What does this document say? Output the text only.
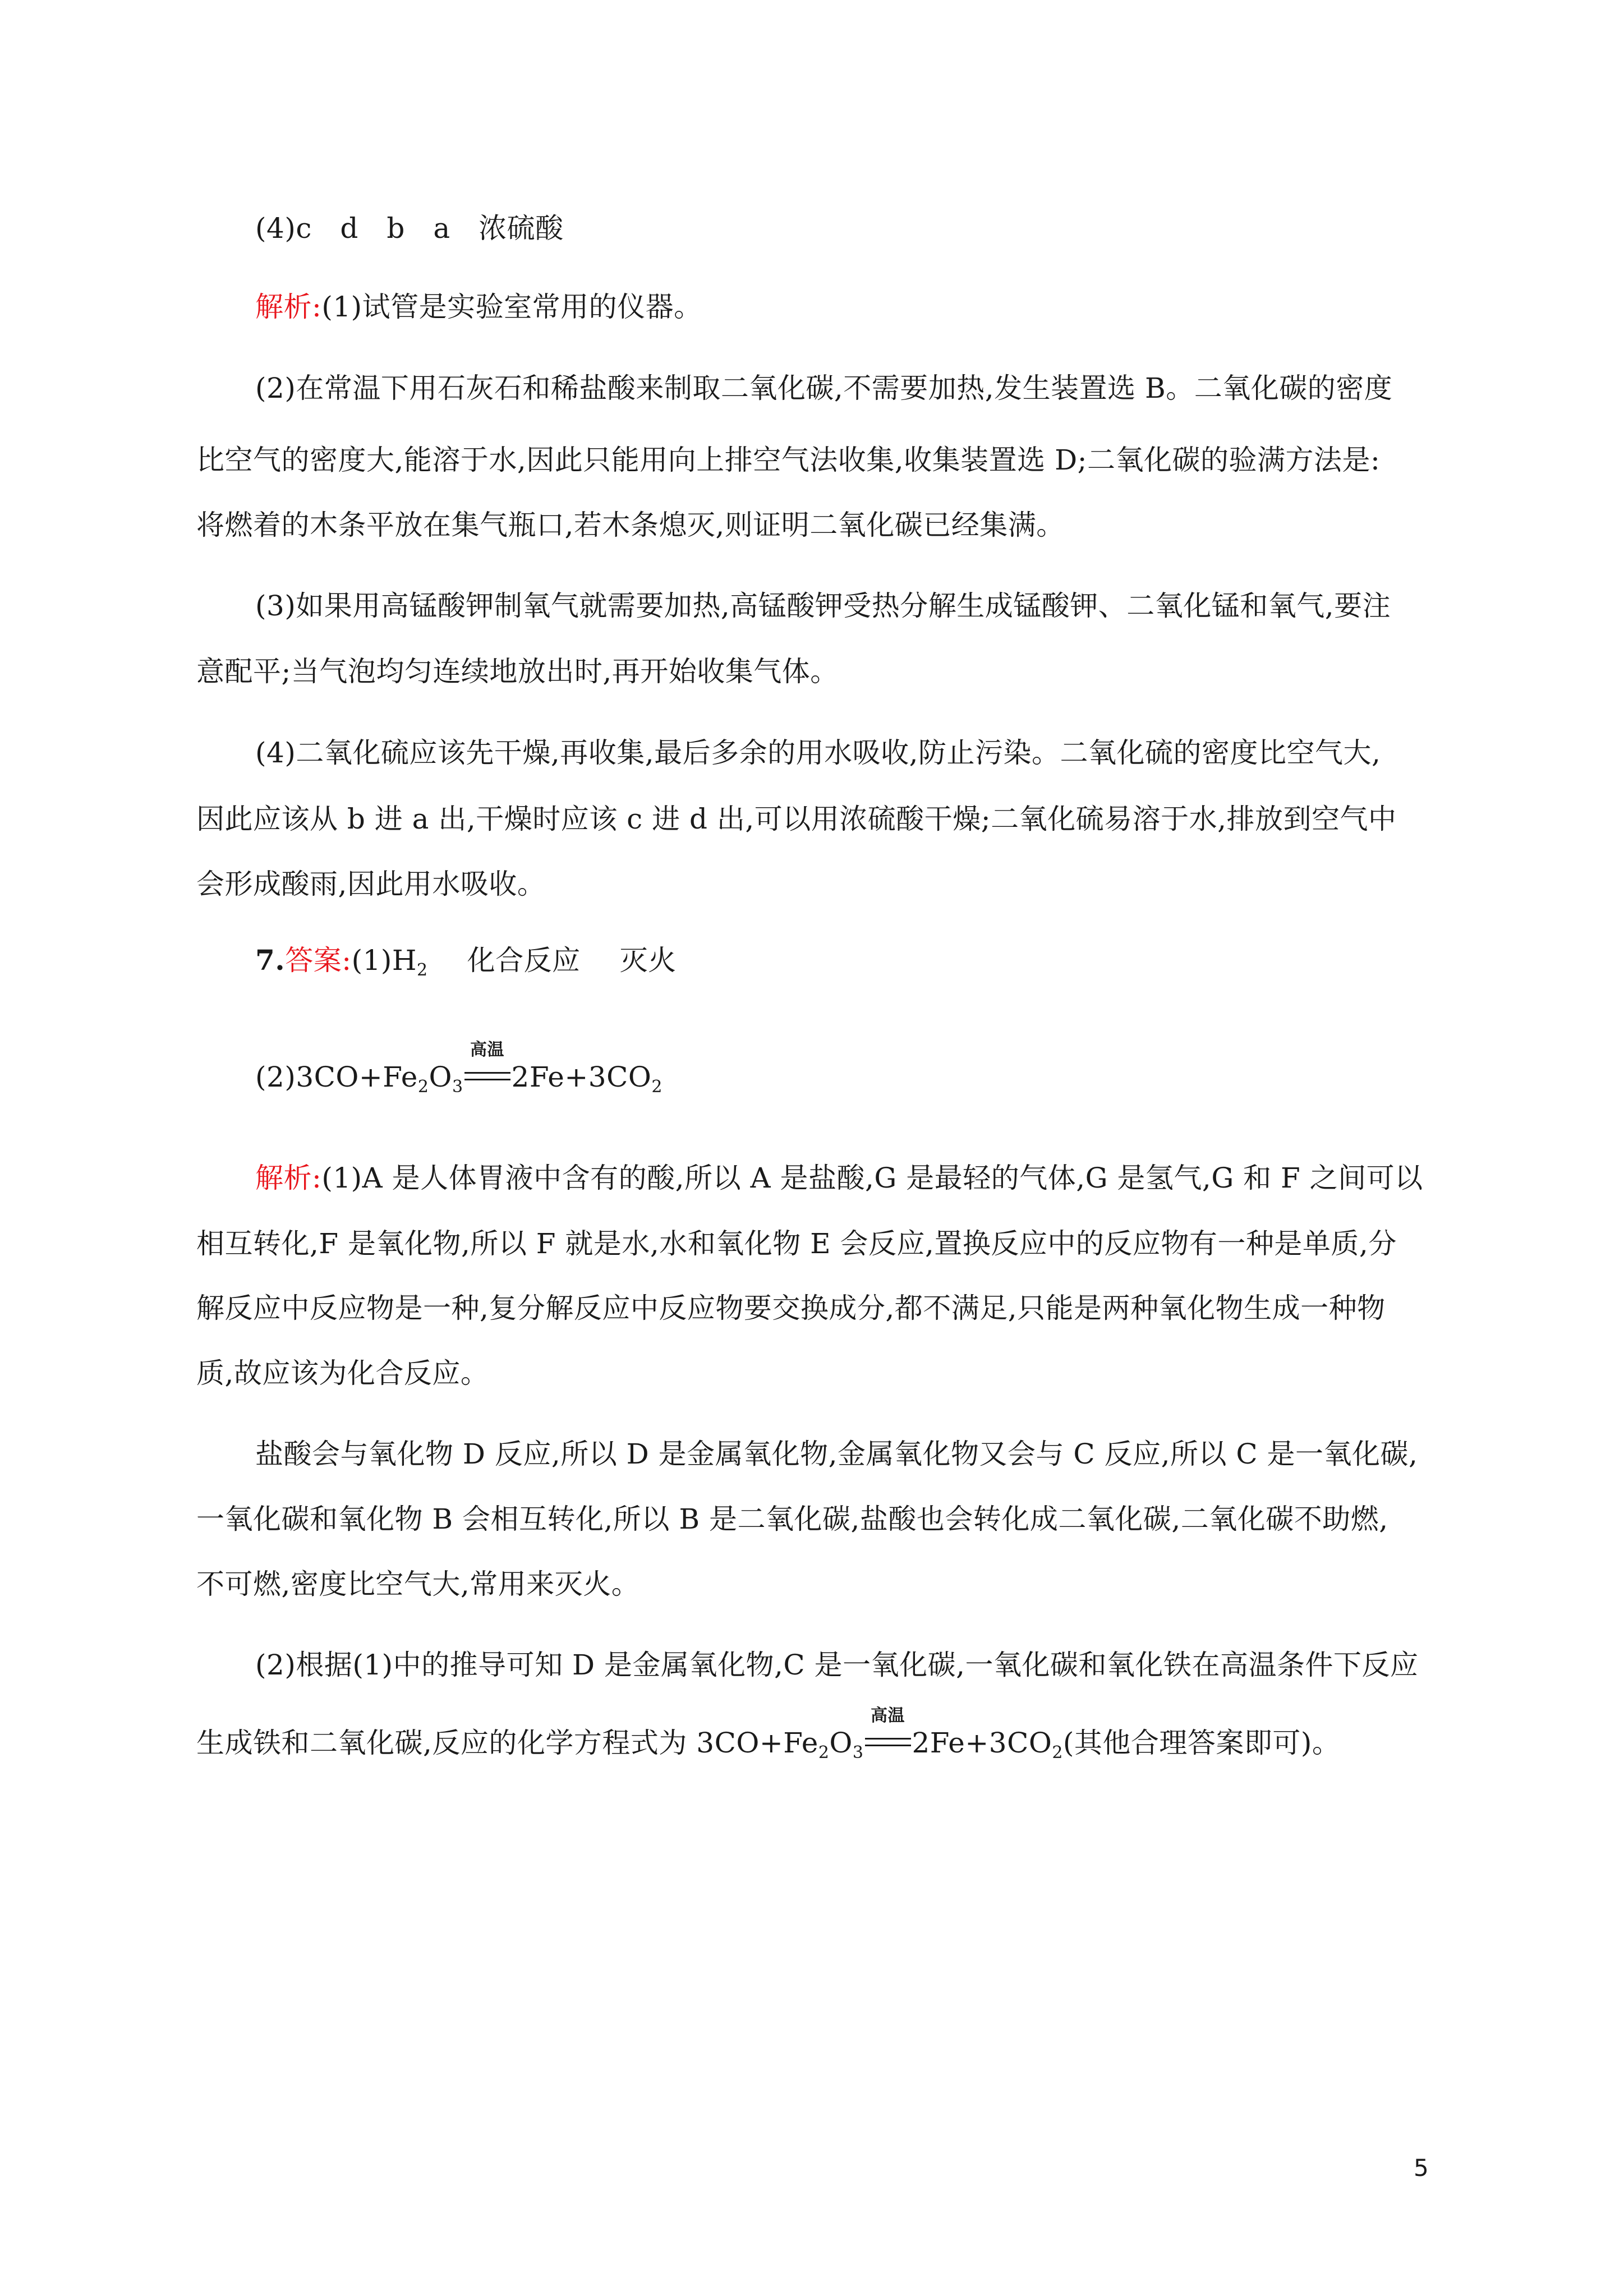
(4)c　d　b　a　浓硫酸
解析:(1)试管是实验室常用的仪器。
(2)在常温下用石灰石和稀盐酸来制取二氧化碳,不需要加热,发生装置选 B。二氧化碳的密度
比空气的密度大,能溶于水,因此只能用向上排空气法收集,收集装置选 D;二氧化碳的验满方法是:
将燃着的木条平放在集气瓶口,若木条熄灭,则证明二氧化碳已经集满。
(3)如果用高锰酸钾制氧气就需要加热,高锰酸钾受热分解生成锰酸钾、二氧化锰和氧气,要注
意配平;当气泡均匀连续地放出时,再开始收集气体。
(4)二氧化硫应该先干燥,再收集,最后多余的用水吸收,防止污染。二氧化硫的密度比空气大,
因此应该从 b 进 a 出,干燥时应该 c 进 d 出,可以用浓硫酸干燥;二氧化硫易溶于水,排放到空气中
会形成酸雨,因此用水吸收。
7.答案$:(1)H_2$ 化合反应 灭火
$(2)3CO+Fe_2O_3$
高温
$2Fe+3CO_2$
解析:(1)A 是人体胃液中含有的酸,所以 A 是盐酸,G 是最轻的气体,G 是氢气,G 和 F 之间可以
相互转化,F 是氧化物,所以 F 就是水,水和氧化物 E 会反应,置换反应中的反应物有一种是单质,分
解反应中反应物是一种,复分解反应中反应物要交换成分,都不满足,只能是两种氧化物生成一种物
质,故应该为化合反应。
盐酸会与氧化物 D 反应,所以 D 是金属氧化物,金属氧化物又会与 C 反应,所以 C 是一氧化碳,
一氧化碳和氧化物 B 会相互转化,所以 B 是二氧化碳,盐酸也会转化成二氧化碳,二氧化碳不助燃,
不可燃,密度比空气大,常用来灭火。
(2)根据(1)中的推导可知 D 是金属氧化物,C 是一氧化碳,一氧化碳和氧化铁在高温条件下反应
生成铁和二氧化碳,反应的化学方程式为 $3CO+Fe_2O_3$
高温
$2Fe+3CO_2$(其他合理答案即可)。
5
